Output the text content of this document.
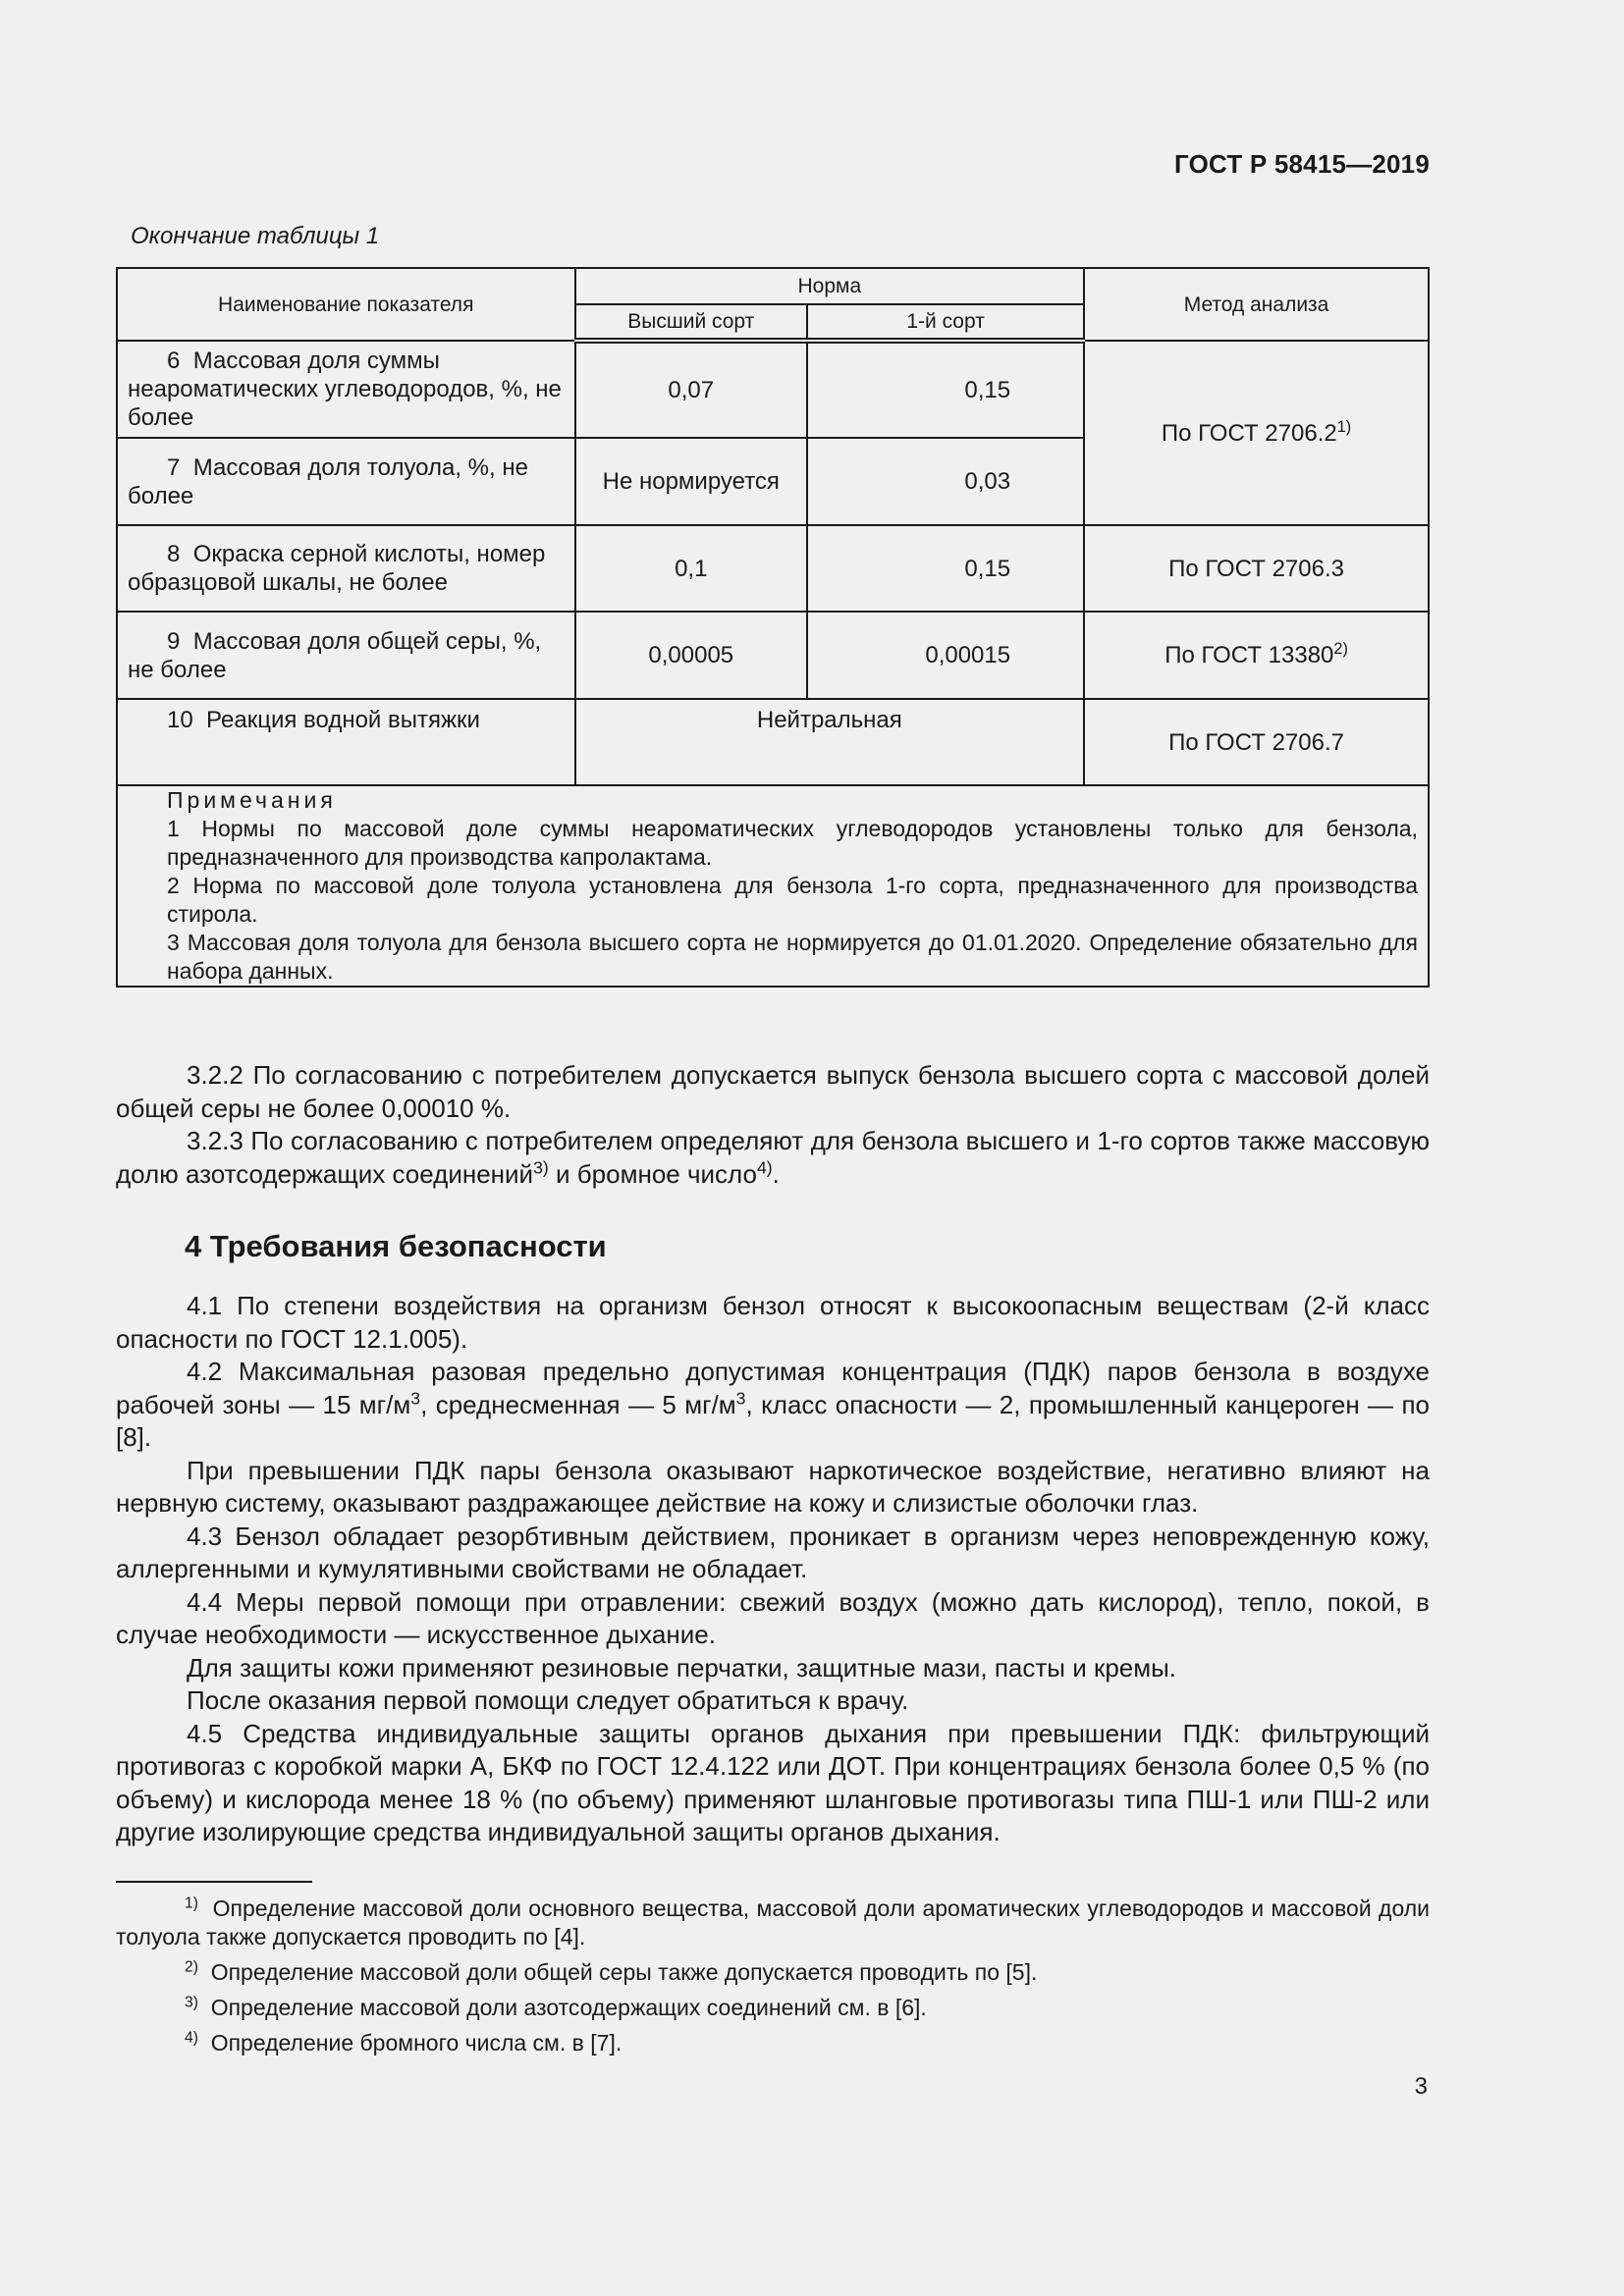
ГОСТ Р 58415—2019
Окончание таблицы 1
Наименование показателя	Норма		Метод анализа
	Высший сорт	1-й сорт	
6 Массовая доля суммы неароматических углеводородов, %, не более	0,07	0,15	По ГОСТ 2706.2$^{1)}$
7 Массовая доля толуола, %, не более	Не нормируется	0,03	
8 Окраска серной кислоты, номер образцовой шкалы, не более	0,1	0,15	По ГОСТ 2706.3
9 Массовая доля общей серы, %, не более	0,00005	0,00015	По ГОСТ 13380$^{2)}$
10 Реакция водной вытяжки	Нейтральная		По ГОСТ 2706.7

Примечания

1 Нормы по массовой доле суммы неароматических углеводородов установлены только для бензола, предназначенного для производства капролактама.

2 Норма по массовой доле толуола установлена для бензола 1-го сорта, предназначенного для производства стирола.

3 Массовая доля толуола для бензола высшего сорта не нормируется до 01.01.2020. Определение обязательно для набора данных.			

3.2.2 По согласованию с потребителем допускается выпуск бензола высшего сорта с массовой долей общей серы не более 0,00010 %.

3.2.3 По согласованию с потребителем определяют для бензола высшего и 1-го сортов также массовую долю азотсодержащих соединений$^{3)}$ и бромное число$^{4)}$.

4 Требования безопасности

4.1 По степени воздействия на организм бензол относят к высокоопасным веществам (2-й класс опасности по ГОСТ 12.1.005).

4.2 Максимальная разовая предельно допустимая концентрация (ПДК) паров бензола в воздухе рабочей зоны — 15 $мг/м^3$, среднесменная — 5 $мг/м^3$, класс опасности — 2, промышленный канцероген — по [8].

При превышении ПДК пары бензола оказывают наркотическое воздействие, негативно влияют на нервную систему, оказывают раздражающее действие на кожу и слизистые оболочки глаз.

4.3 Бензол обладает резорбтивным действием, проникает в организм через неповрежденную кожу, аллергенными и кумулятивными свойствами не обладает.

4.4 Меры первой помощи при отравлении: свежий воздух (можно дать кислород), тепло, покой, в случае необходимости — искусственное дыхание.

Для защиты кожи применяют резиновые перчатки, защитные мази, пасты и кремы.

После оказания первой помощи следует обратиться к врачу.

4.5 Средства индивидуальные защиты органов дыхания при превышении ПДК: фильтрующий противогаз с коробкой марки А, БКФ по ГОСТ 12.4.122 или ДОТ. При концентрациях бензола более 0,5 % (по объему) и кислорода менее 18 % (по объему) применяют шланговые противогазы типа ПШ-1 или ПШ-2 или другие изолирующие средства индивидуальной защиты органов дыхания.

$^{1)}$ Определение массовой доли основного вещества, массовой доли ароматических углеводородов и массовой доли толуола также допускается проводить по [4].

$^{2)}$ Определение массовой доли общей серы также допускается проводить по [5].

$^{3)}$ Определение массовой доли азотсодержащих соединений см. в [6].

$^{4)}$ Определение бромного числа см. в [7].

3
